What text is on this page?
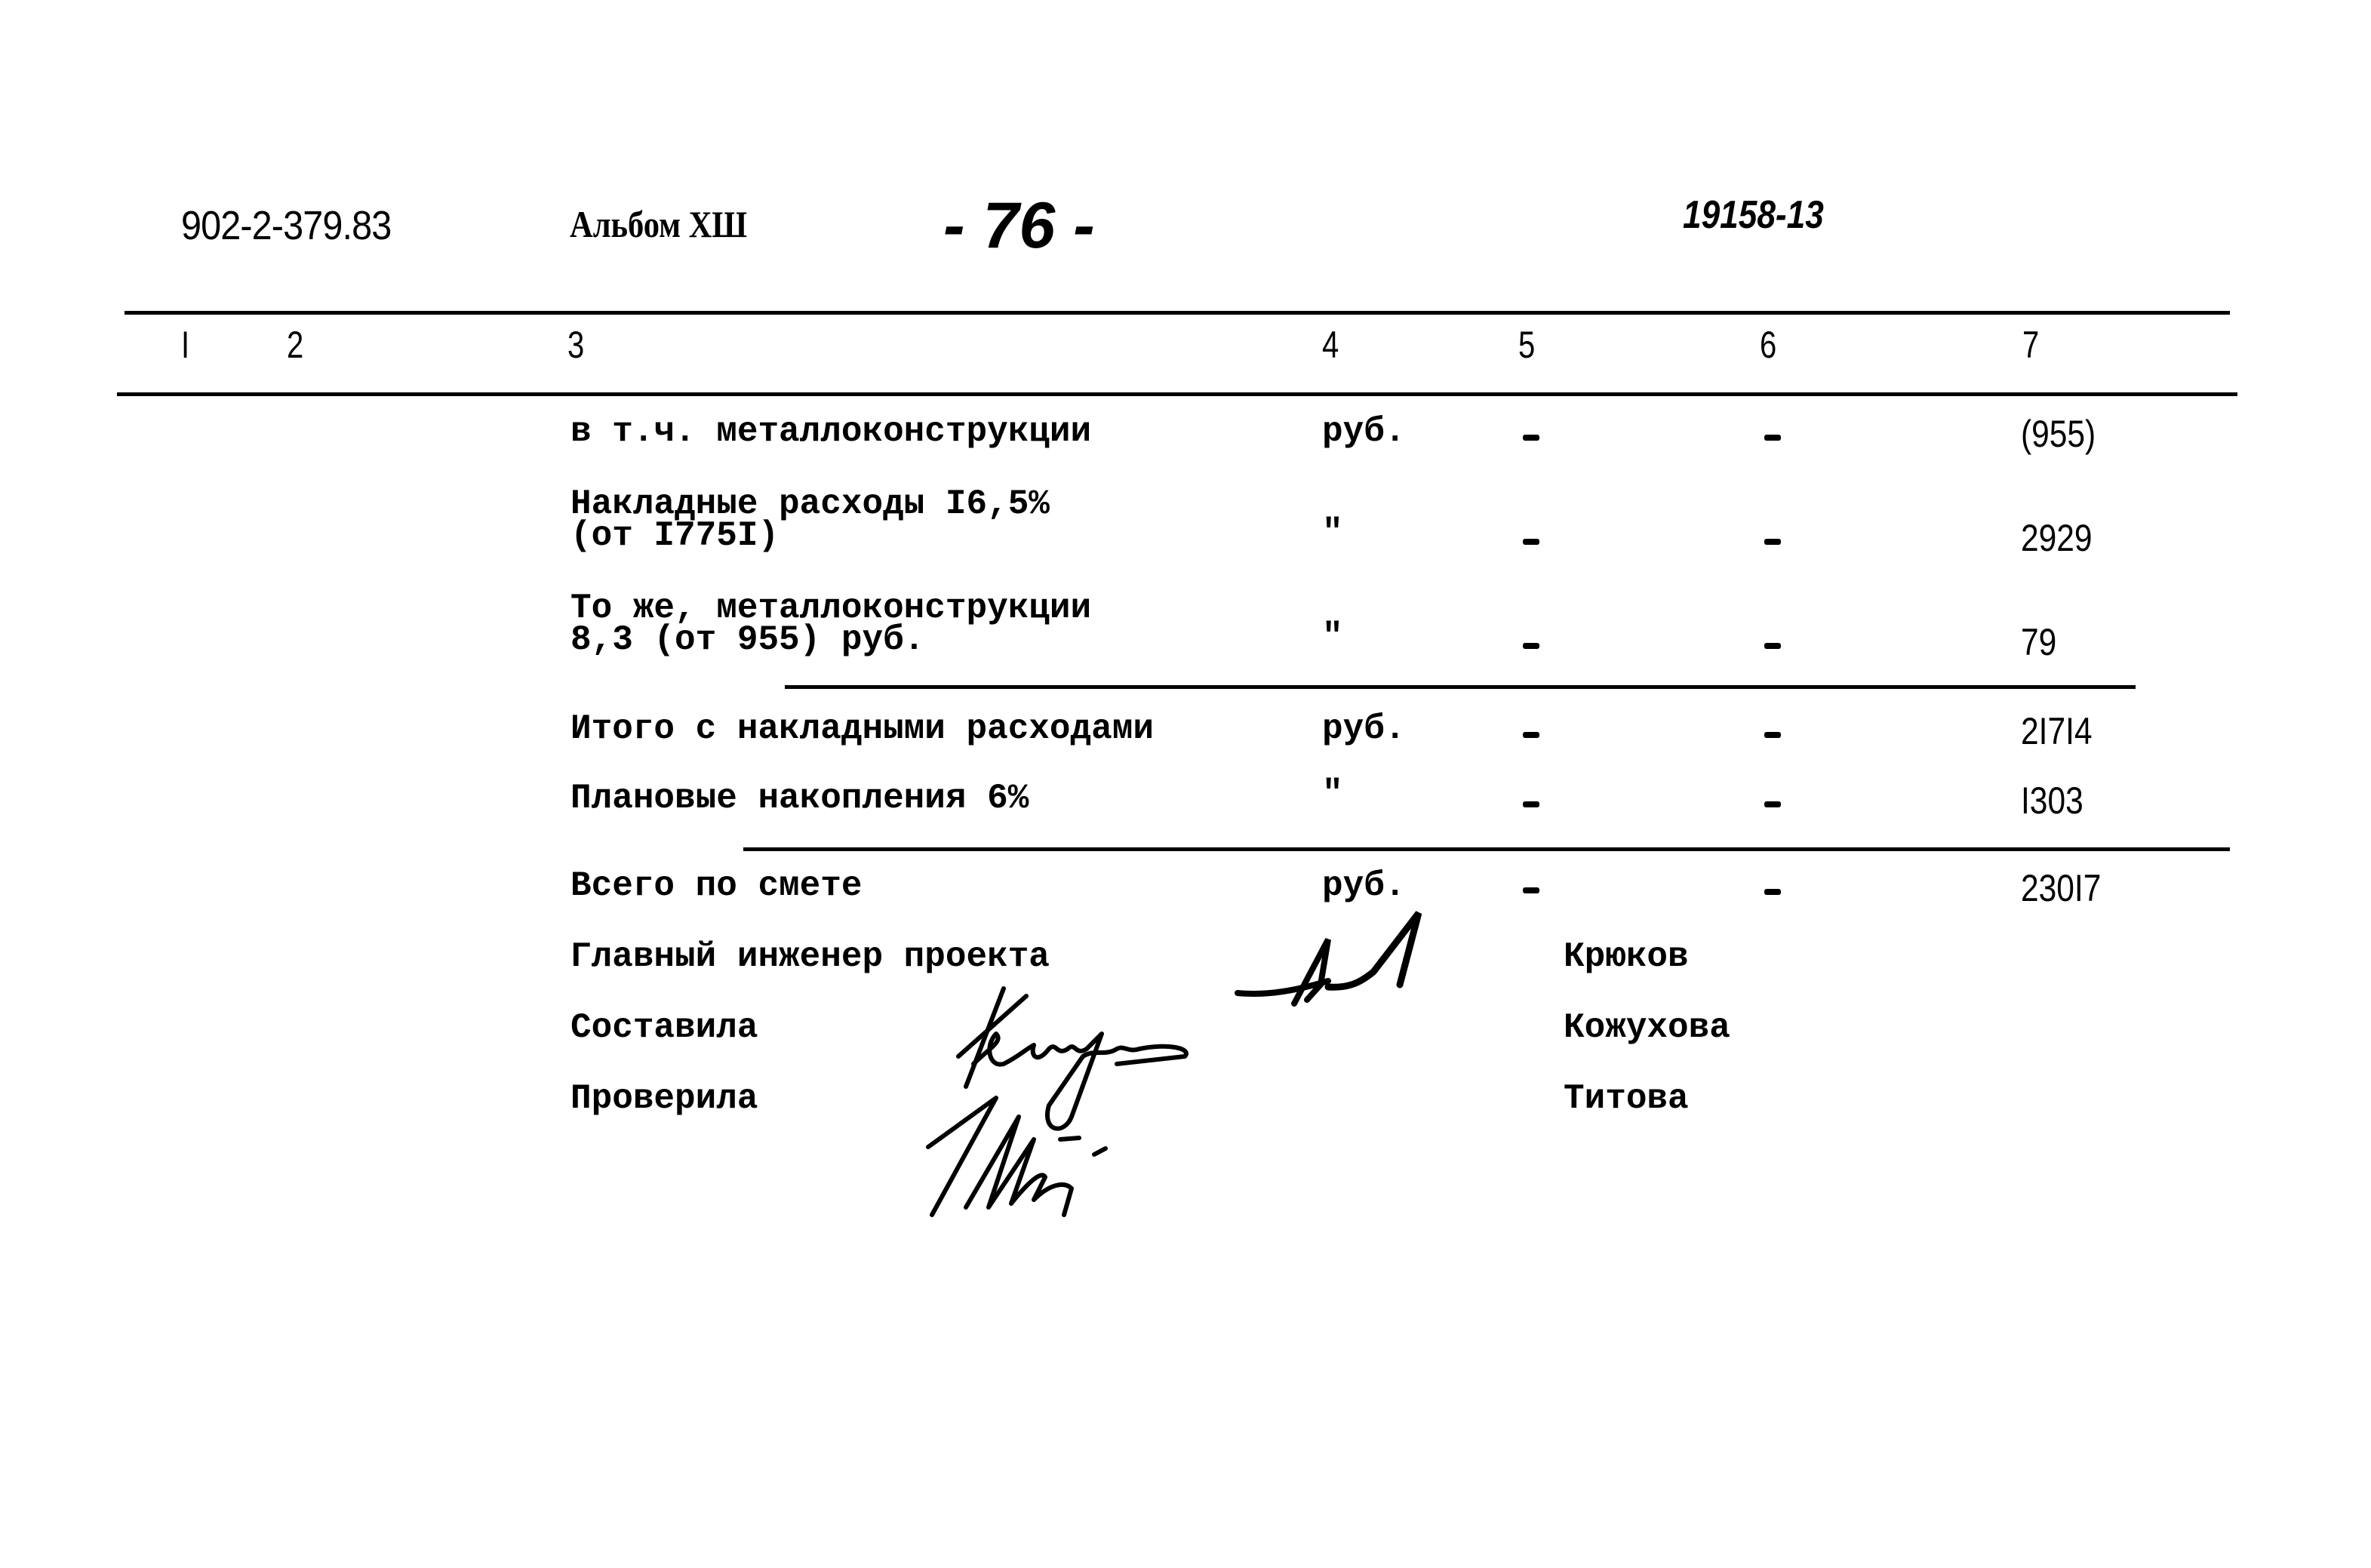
902-2-379.83	Альбом ХШ	- 76 -	19158-13
I	2	3	4	5	6	7
в т.ч. металлоконструкции	руб.	(955)
Накладные расходы I6,5%
(от I775I)	"	2929
То же, металлоконструкции
8,3 (от 955) руб.	"	79
Итого с накладными расходами	руб.	2I7I4
Плановые накопления 6%	"	I303
Всего по смете	руб.	230I7
Главный инженер проекта	Крюков
Составила	Кожухова
Проверила	Титова
